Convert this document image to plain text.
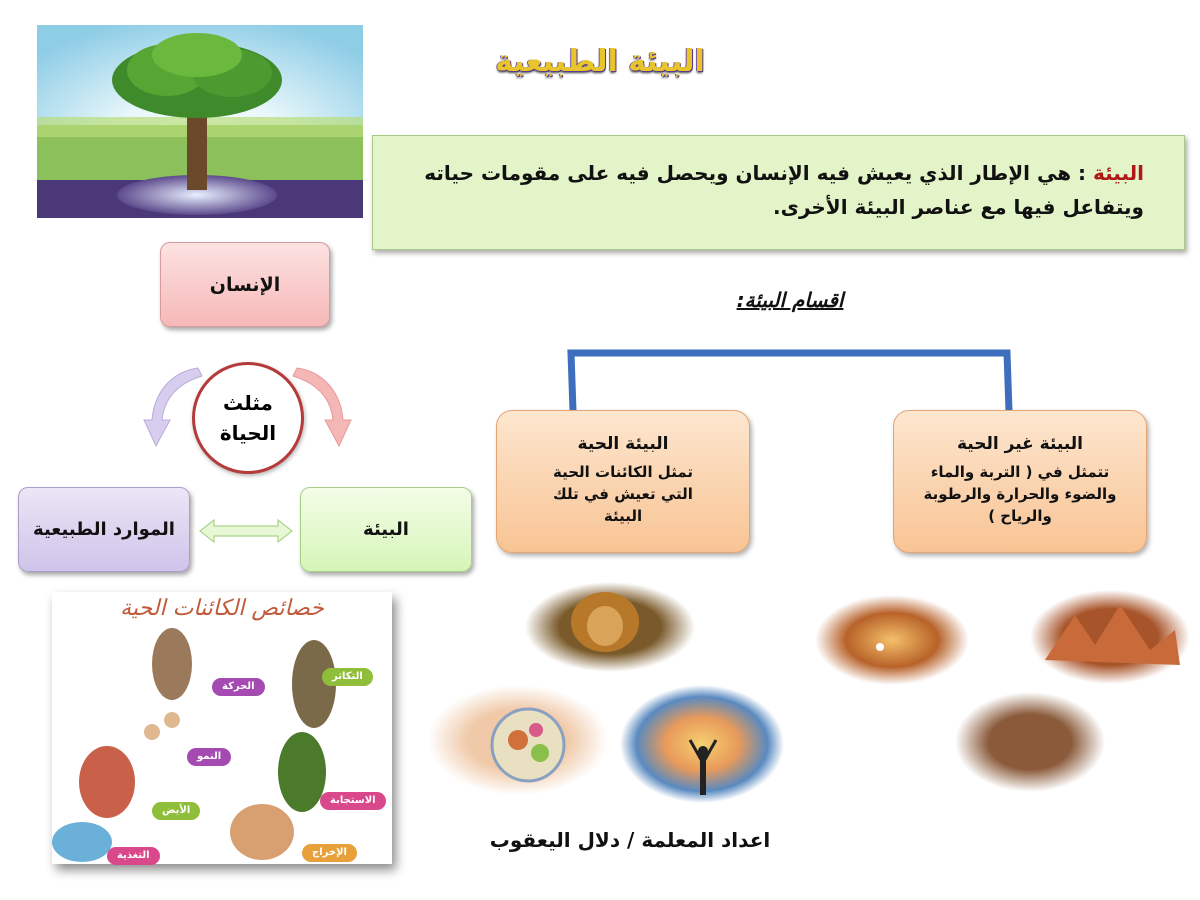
البيئة الطبيعية
البيئة : هي الإطار الذي يعيش فيه الإنسان ويحصل فيه على مقومات حياته ويتفاعل فيها مع عناصر البيئة الأخرى.
الإنسان
الموارد الطبيعية	البيئة
مثلث
الحياة
اقسام البيئة:
البيئة الحية
تمثل الكائنات الحية التي تعيش في تلك البيئة
البيئة غير الحية
تتمثل في ( التربة والماء والضوء والحرارة والرطوبة والرياح )
خصائص الكائنات الحية
الحركة
النمو
الأيض
التغذية
التكاثر
الاستجابة
الإخراج
اعداد المعلمة / دلال اليعقوب
